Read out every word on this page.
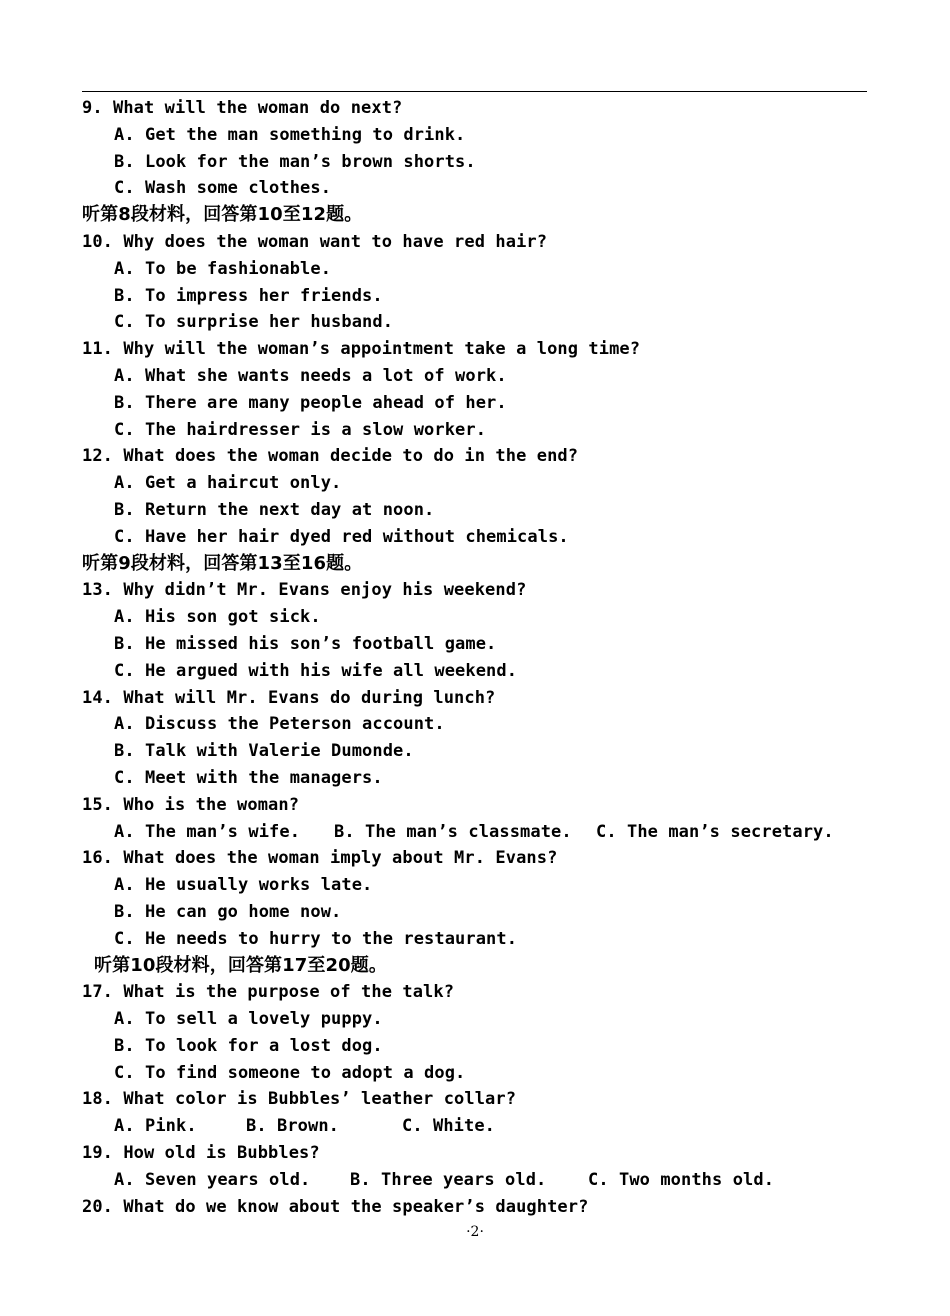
9. What will the woman do next?
A. Get the man something to drink.
B. Look for the man’s brown shorts.
C. Wash some clothes.
听第8段材料，回答第10至12题。
10. Why does the woman want to have red hair?
A. To be fashionable.
B. To impress her friends.
C. To surprise her husband.
11. Why will the woman’s appointment take a long time?
A. What she wants needs a lot of work.
B. There are many people ahead of her.
C. The hairdresser is a slow worker.
12. What does the woman decide to do in the end?
A. Get a haircut only.
B. Return the next day at noon.
C. Have her hair dyed red without chemicals.
听第9段材料，回答第13至16题。
13. Why didn’t Mr. Evans enjoy his weekend?
A. His son got sick.
B. He missed his son’s football game.
C. He argued with his wife all weekend.
14. What will Mr. Evans do during lunch?
A. Discuss the Peterson account.
B. Talk with Valerie Dumonde.
C. Meet with the managers.
15. Who is the woman?
A. The man’s wife. B. The man’s classmate. C. The man’s secretary.
16. What does the woman imply about Mr. Evans?
A. He usually works late.
B. He can go home now.
C. He needs to hurry to the restaurant.
听第10段材料，回答第17至20题。
17. What is the purpose of the talk?
A. To sell a lovely puppy.
B. To look for a lost dog.
C. To find someone to adopt a dog.
18. What color is Bubbles’ leather collar?
A. Pink.	B. Brown.	C. White.
19. How old is Bubbles?
A. Seven years old. B. Three years old. C. Two months old.
20. What do we know about the speaker’s daughter?
·2·
